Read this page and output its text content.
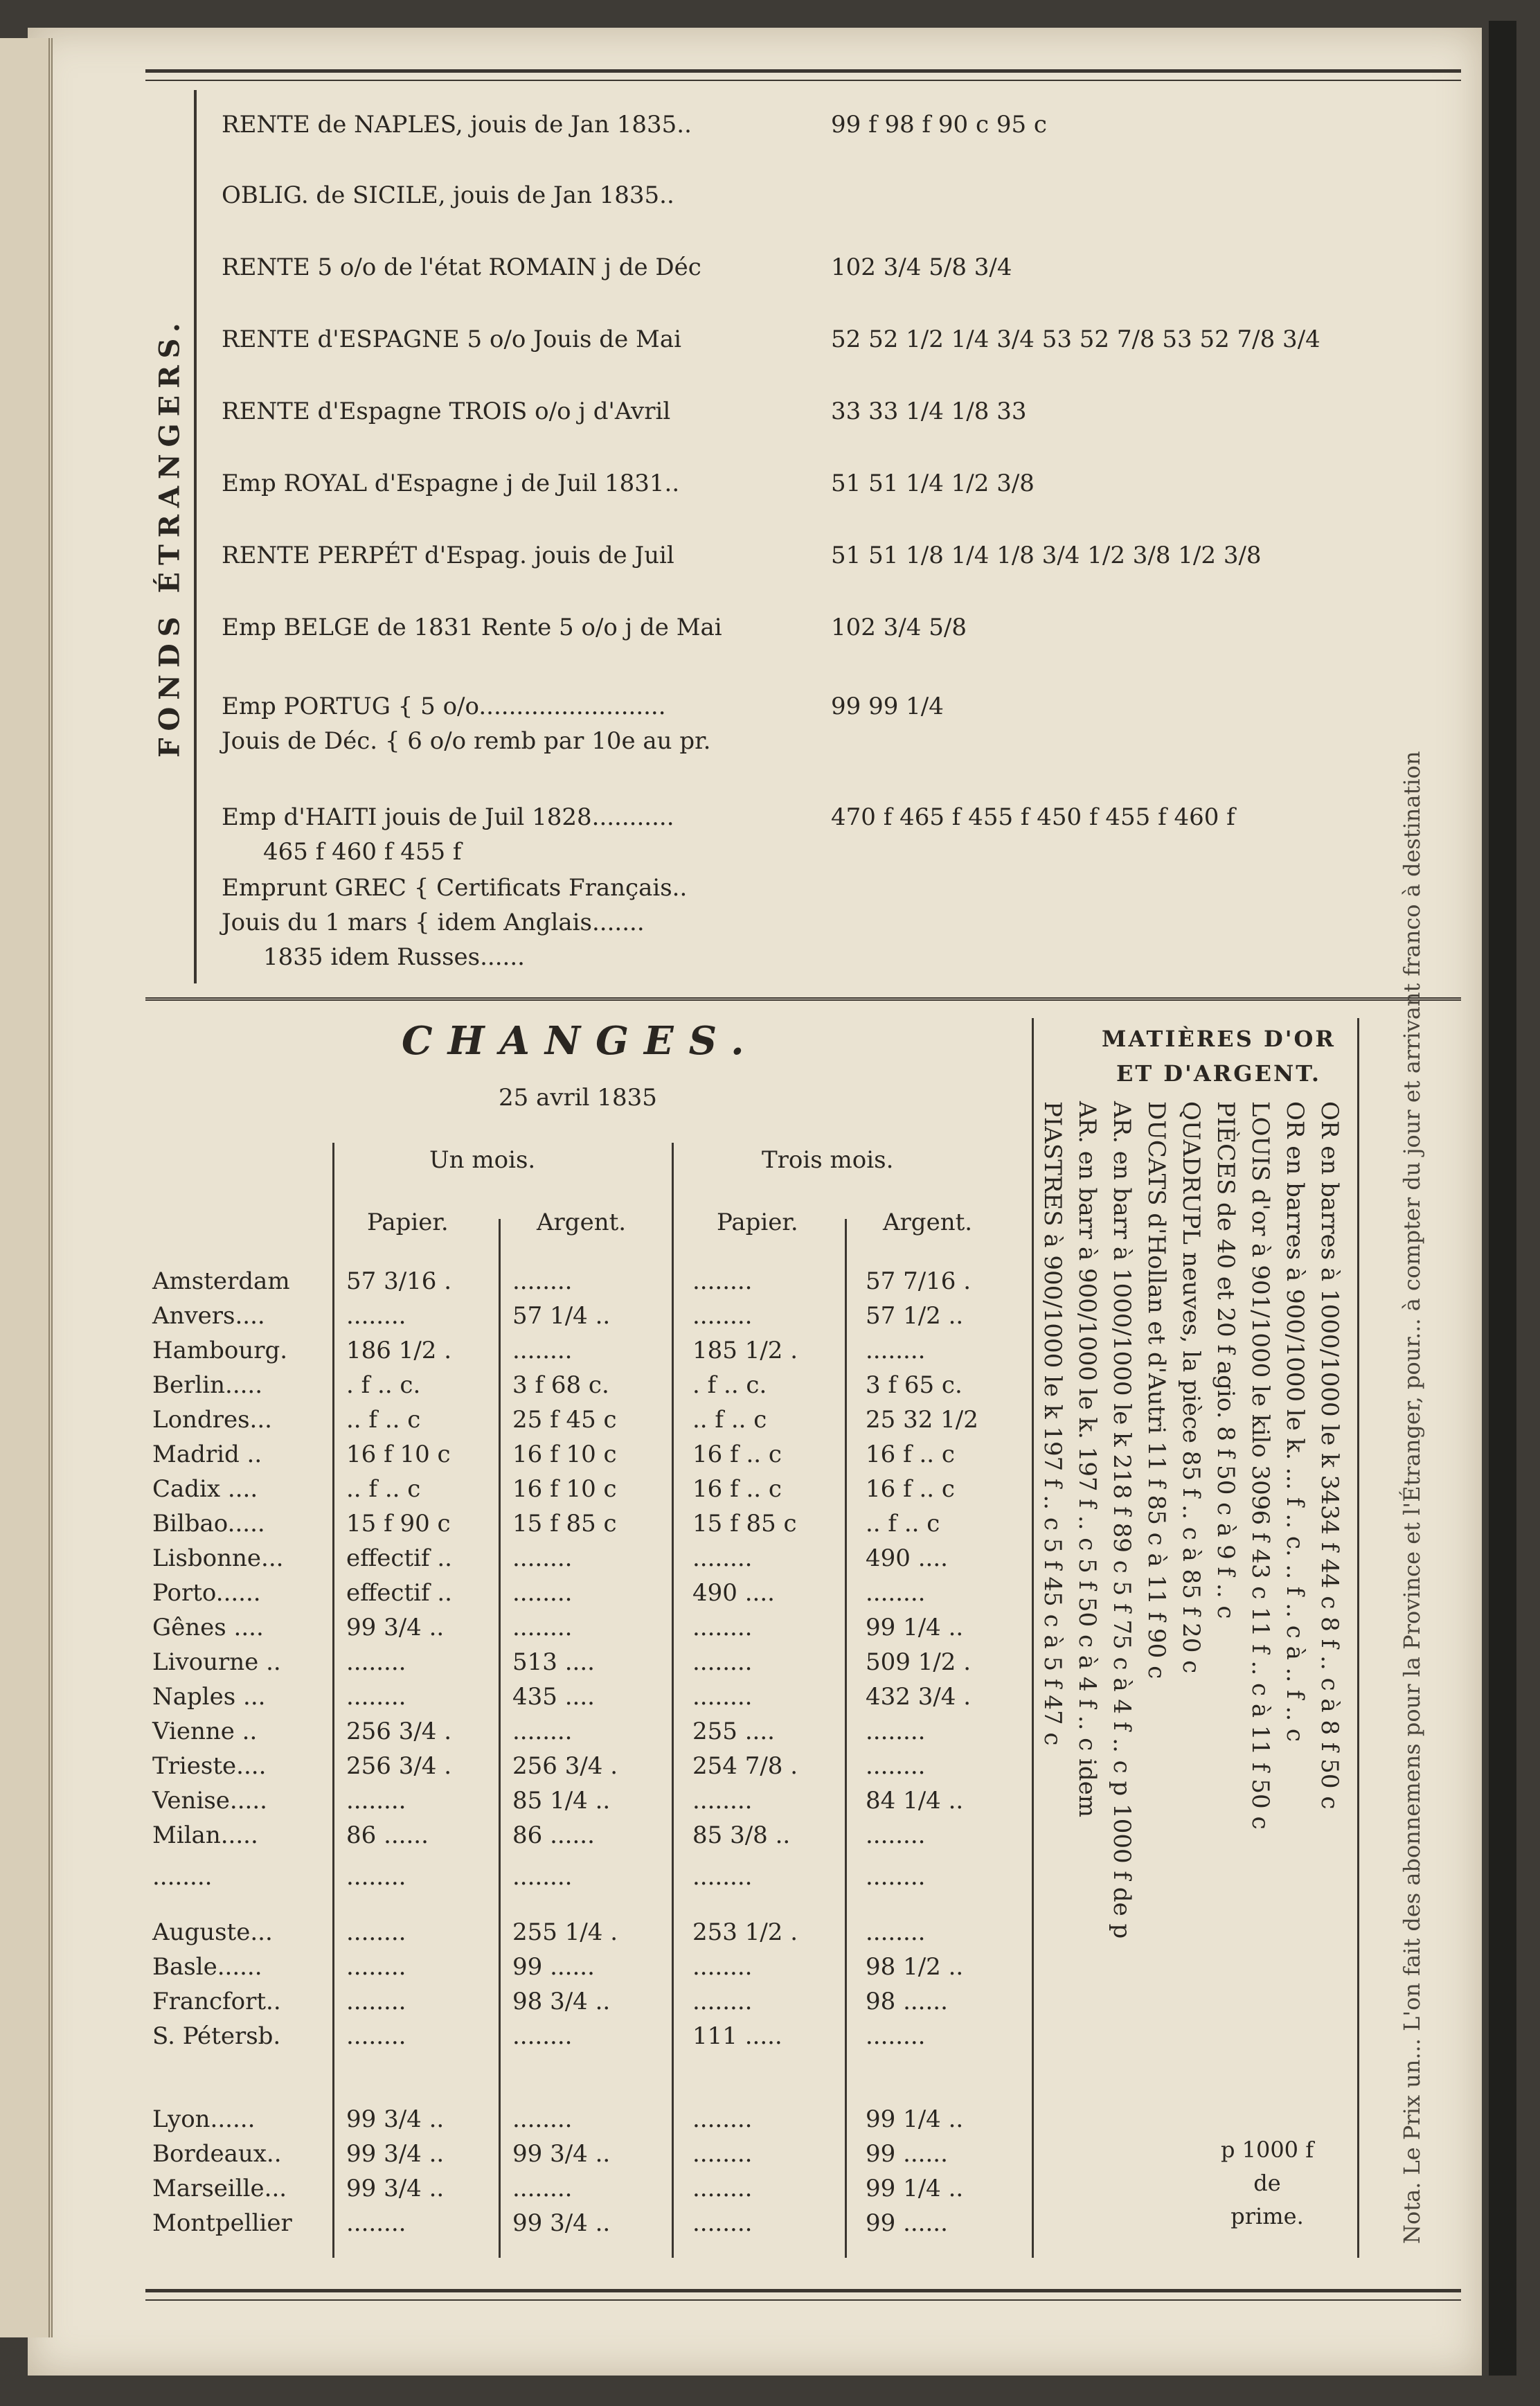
FONDS ÉTRANGERS.
RENTE de NAPLES, jouis de Jan 1835..	99 f 98 f 90 c 95 c
OBLIG. de SICILE, jouis de Jan 1835..
RENTE 5 o/o de l'état ROMAIN j de Déc	102 3/4 5/8 3/4
RENTE d'ESPAGNE 5 o/o Jouis de Mai	52 52 1/2 1/4 3/4 53 52 7/8 53 52 7/8 3/4
RENTE d'Espagne TROIS o/o j d'Avril	33 33 1/4 1/8 33
Emp ROYAL d'Espagne j de Juil 1831..	51 51 1/4 1/2 3/8
RENTE PERPÉT d'Espag. jouis de Juil	51 51 1/8 1/4 1/8 3/4 1/2 3/8 1/2 3/8
Emp BELGE de 1831 Rente 5 o/o j de Mai	102 3/4 5/8
Emp PORTUG { 5 o/o.........................	99 99 1/4
Jouis de Déc. { 6 o/o remb par 10e au pr.
Emp d'HAITI jouis de Juil 1828...........	470 f 465 f 455 f 450 f 455 f 460 f
465 f 460 f 455 f
Emprunt GREC { Certificats Français..
Jouis du 1 mars { idem Anglais.......
1835 idem Russes......
CHANGES.
25 avril 1835
Un mois.	Trois mois.
Papier.	Argent.	Papier.	Argent.
Amsterdam 57 3/16 .	........	........	57 7/16 .
Anvers....	........	57 1/4 ..	........	57 1/2 ..
Hambourg. 186 1/2 .	........	185 1/2 .	........
Berlin.....	. f .. c.	3 f 68 c.	. f .. c.	3 f 65 c.
Londres...	.. f .. c	25 f 45 c	.. f .. c	25 32 1/2
Madrid ..	16 f 10 c	16 f 10 c	16 f .. c	16 f .. c
Cadix ....	.. f .. c	16 f 10 c	16 f .. c	16 f .. c
Bilbao.....	15 f 90 c	15 f 85 c	15 f 85 c	.. f .. c
Lisbonne...	effectif ..	........	........	490 ....
Porto......	effectif ..	........	490 ....	........
Gênes ....	99 3/4 ..	........	........	99 1/4 ..
Livourne ..	........	513 ....	........	509 1/2 .
Naples ...	........	435 ....	........	432 3/4 .
Vienne ..	256 3/4 .	........	255 ....	........
Trieste....	256 3/4 .	256 3/4 .	254 7/8 .	........
Venise.....	........	85 1/4 ..	........	84 1/4 ..
Milan.....	86 ......	86 ......	85 3/8 ..	........
........	........	........	........	........
Auguste...	........	255 1/4 .	253 1/2 .	........
Basle......	........	99 ......	........	98 1/2 ..
Francfort..	........	98 3/4 ..	........	98 ......
S. Pétersb.	........	........	111 .....	........
Lyon......	99 3/4 ..	........	........	99 1/4 ..
Bordeaux..	99 3/4 ..	99 3/4 ..	........	99 ......
Marseille...	99 3/4 ..	........	........	99 1/4 ..
Montpellier ........	99 3/4 ..	........	99 ......
MATIÈRES D'OR
ET D'ARGENT.
OR en barres à 1000/1000 le k 3434 f 44 c 8 f .. c à 8 f 50 c
OR en barres à 900/1000 le k. ... f .. c. .. f .. c à .. f .. c
LOUIS d'or à 901/1000 le kilo 3096 f 43 c 11 f .. c à 11 f 50 c
PIÈCES de 40 et 20 f agio. 8 f 50 c à 9 f .. c
QUADRUPL neuves, la pièce 85 f .. c à 85 f 20 c
DUCATS d'Hollan et d'Autri 11 f 85 c à 11 f 90 c
AR. en barr à 1000/1000 le k 218 f 89 c 5 f 75 c à 4 f .. c p 1000 f de p
AR. en barr à 900/1000 le k. 197 f .. c 5 f 50 c à 4 f .. c idem
PIASTRES à 900/1000 le k 197 f .. c 5 f 45 c à 5 f 47 c
p 1000 f
de
prime.	Nota. Le Prix un... L'on fait des abonnemens pour la Province et l'Étranger, pour... à compter du jour et arrivant franco à destination
